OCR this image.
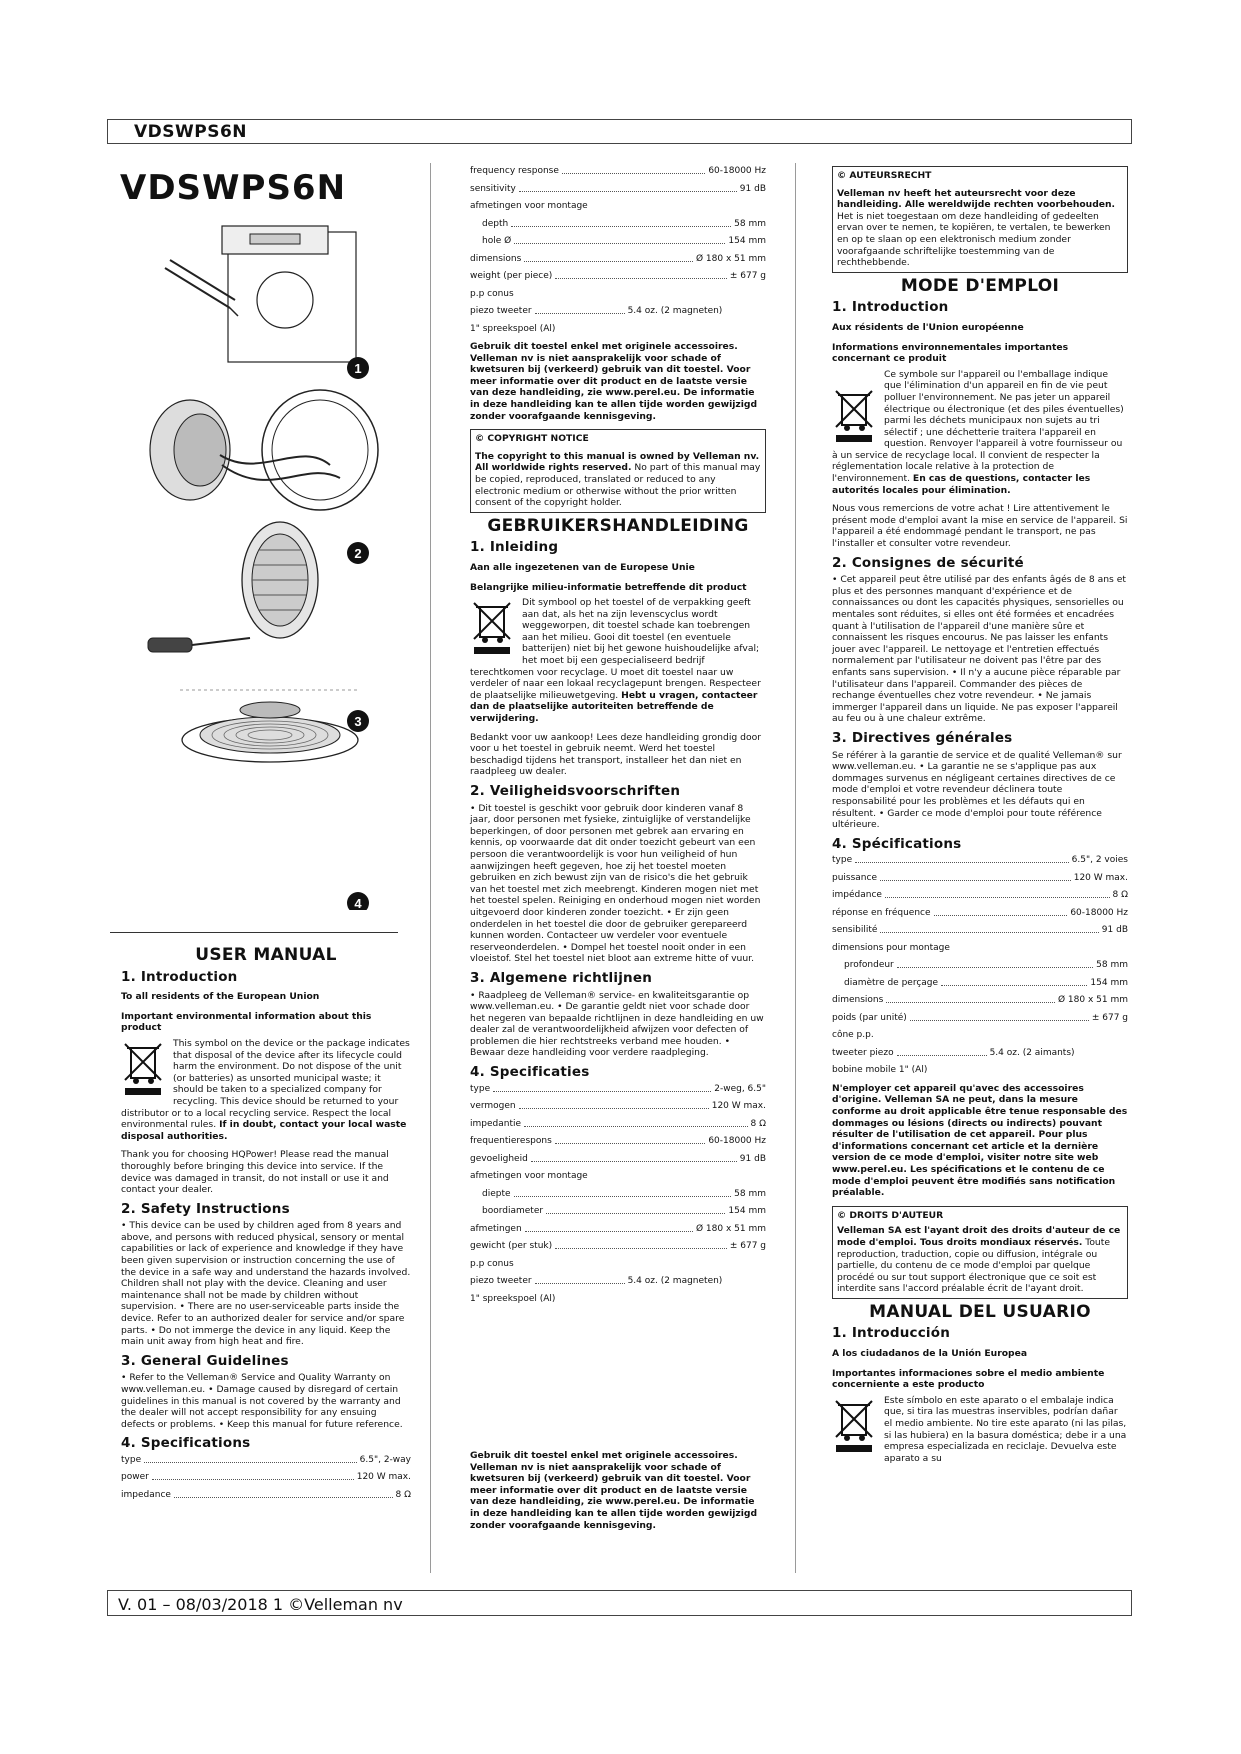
VDSWPS6N
VDSWPS6N
1
2
3
4
USER MANUAL
1. Introduction
To all residents of the European Union
Important environmental information about this product

This symbol on the device or the package indicates that disposal of the device after its lifecycle could harm the environment. Do not dispose of the unit (or batteries) as unsorted municipal waste; it should be taken to a specialized company for recycling. This device should be returned to your distributor or to a local recycling service. Respect the local environmental rules. If in doubt, contact your local waste disposal authorities.

Thank you for choosing HQPower! Please read the manual thoroughly before bringing this device into service. If the device was damaged in transit, do not install or use it and contact your dealer.

2. Safety Instructions

• This device can be used by children aged from 8 years and above, and persons with reduced physical, sensory or mental capabilities or lack of experience and knowledge if they have been given supervision or instruction concerning the use of the device in a safe way and understand the hazards involved. Children shall not play with the device. Cleaning and user maintenance shall not be made by children without supervision. • There are no user-serviceable parts inside the device. Refer to an authorized dealer for service and/or spare parts. • Do not immerge the device in any liquid. Keep the main unit away from high heat and fire.

3. General Guidelines

• Refer to the Velleman® Service and Quality Warranty on www.velleman.eu. • Damage caused by disregard of certain guidelines in this manual is not covered by the warranty and the dealer will not accept responsibility for any ensuing defects or problems. • Keep this manual for future reference.

4. Specifications
type	6.5", 2-way
power	120 W max.
impedance	8 Ω
frequency response	60-18000 Hz
sensitivity	91 dB
afmetingen voor montage
depth	58 mm
hole Ø	154 mm
dimensions	Ø 180 x 51 mm
weight (per piece)	± 677 g
p.p conus
piezo tweeter	5.4 oz. (2 magneten)
1" spreekspoel (Al)

Gebruik dit toestel enkel met originele accessoires. Velleman nv is niet aansprakelijk voor schade of kwetsuren bij (verkeerd) gebruik van dit toestel. Voor meer informatie over dit product en de laatste versie van deze handleiding, zie www.perel.eu. De informatie in deze handleiding kan te allen tijde worden gewijzigd zonder voorafgaande kennisgeving.

© COPYRIGHT NOTICE
The copyright to this manual is owned by Velleman nv. All worldwide rights reserved. No part of this manual may be copied, reproduced, translated or reduced to any electronic medium or otherwise without the prior written consent of the copyright holder.
GEBRUIKERSHANDLEIDING
1. Inleiding
Aan alle ingezetenen van de Europese Unie
Belangrijke milieu-informatie betreffende dit product

Dit symbool op het toestel of de verpakking geeft aan dat, als het na zijn levenscyclus wordt weggeworpen, dit toestel schade kan toebrengen aan het milieu. Gooi dit toestel (en eventuele batterijen) niet bij het gewone huishoudelijke afval; het moet bij een gespecialiseerd bedrijf terechtkomen voor recyclage. U moet dit toestel naar uw verdeler of naar een lokaal recyclagepunt brengen. Respecteer de plaatselijke milieuwetgeving. Hebt u vragen, contacteer dan de plaatselijke autoriteiten betreffende de verwijdering.

Bedankt voor uw aankoop! Lees deze handleiding grondig door voor u het toestel in gebruik neemt. Werd het toestel beschadigd tijdens het transport, installeer het dan niet en raadpleeg uw dealer.

2. Veiligheidsvoorschriften

• Dit toestel is geschikt voor gebruik door kinderen vanaf 8 jaar, door personen met fysieke, zintuiglijke of verstandelijke beperkingen, of door personen met gebrek aan ervaring en kennis, op voorwaarde dat dit onder toezicht gebeurt van een persoon die verantwoordelijk is voor hun veiligheid of hun aanwijzingen heeft gegeven, hoe zij het toestel moeten gebruiken en zich bewust zijn van de risico's die het gebruik van het toestel met zich meebrengt. Kinderen mogen niet met het toestel spelen. Reiniging en onderhoud mogen niet worden uitgevoerd door kinderen zonder toezicht. • Er zijn geen onderdelen in het toestel die door de gebruiker gerepareerd kunnen worden. Contacteer uw verdeler voor eventuele reserveonderdelen. • Dompel het toestel nooit onder in een vloeistof. Stel het toestel niet bloot aan extreme hitte of vuur.

3. Algemene richtlijnen

• Raadpleeg de Velleman® service- en kwaliteitsgarantie op www.velleman.eu. • De garantie geldt niet voor schade door het negeren van bepaalde richtlijnen in deze handleiding en uw dealer zal de verantwoordelijkheid afwijzen voor defecten of problemen die hier rechtstreeks verband mee houden. • Bewaar deze handleiding voor verdere raadpleging.

4. Specificaties
type	2-weg, 6.5"
vermogen	120 W max.
impedantie	8 Ω
frequentierespons	60-18000 Hz
gevoeligheid	91 dB
afmetingen voor montage
diepte	58 mm
boordiameter	154 mm
afmetingen	Ø 180 x 51 mm
gewicht (per stuk)	± 677 g
p.p conus
piezo tweeter	5.4 oz. (2 magneten)
1" spreekspoel (Al)
Gebruik dit toestel enkel met originele accessoires. Velleman nv is niet aansprakelijk voor schade of kwetsuren bij (verkeerd) gebruik van dit toestel. Voor meer informatie over dit product en de laatste versie van deze handleiding, zie www.perel.eu. De informatie in deze handleiding kan te allen tijde worden gewijzigd zonder voorafgaande kennisgeving.
© AUTEURSRECHT
Velleman nv heeft het auteursrecht voor deze handleiding. Alle wereldwijde rechten voorbehouden. Het is niet toegestaan om deze handleiding of gedeelten ervan over te nemen, te kopiëren, te vertalen, te bewerken en op te slaan op een elektronisch medium zonder voorafgaande schriftelijke toestemming van de rechthebbende.
MODE D'EMPLOI
1. Introduction
Aux résidents de l'Union européenne
Informations environnementales importantes concernant ce produit

Ce symbole sur l'appareil ou l'emballage indique que l'élimination d'un appareil en fin de vie peut polluer l'environnement. Ne pas jeter un appareil électrique ou électronique (et des piles éventuelles) parmi les déchets municipaux non sujets au tri sélectif ; une déchetterie traitera l'appareil en question. Renvoyer l'appareil à votre fournisseur ou à un service de recyclage local. Il convient de respecter la réglementation locale relative à la protection de l'environnement. En cas de questions, contacter les autorités locales pour élimination.

Nous vous remercions de votre achat ! Lire attentivement le présent mode d'emploi avant la mise en service de l'appareil. Si l'appareil a été endommagé pendant le transport, ne pas l'installer et consulter votre revendeur.

2. Consignes de sécurité

• Cet appareil peut être utilisé par des enfants âgés de 8 ans et plus et des personnes manquant d'expérience et de connaissances ou dont les capacités physiques, sensorielles ou mentales sont réduites, si elles ont été formées et encadrées quant à l'utilisation de l'appareil d'une manière sûre et connaissent les risques encourus. Ne pas laisser les enfants jouer avec l'appareil. Le nettoyage et l'entretien effectués normalement par l'utilisateur ne doivent pas l'être par des enfants sans supervision. • Il n'y a aucune pièce réparable par l'utilisateur dans l'appareil. Commander des pièces de rechange éventuelles chez votre revendeur. • Ne jamais immerger l'appareil dans un liquide. Ne pas exposer l'appareil au feu ou à une chaleur extrême.

3. Directives générales

Se référer à la garantie de service et de qualité Velleman® sur www.velleman.eu. • La garantie ne se s'applique pas aux dommages survenus en négligeant certaines directives de ce mode d'emploi et votre revendeur déclinera toute responsabilité pour les problèmes et les défauts qui en résultent. • Garder ce mode d'emploi pour toute référence ultérieure.

4. Spécifications
type	6.5", 2 voies
puissance	120 W max.
impédance	8 Ω
réponse en fréquence	60-18000 Hz
sensibilité	91 dB
dimensions pour montage
profondeur	58 mm
diamètre de perçage	154 mm
dimensions	Ø 180 x 51 mm
poids (par unité)	± 677 g
cône p.p.
tweeter piezo	5.4 oz. (2 aimants)
bobine mobile 1" (Al)

N'employer cet appareil qu'avec des accessoires d'origine. Velleman SA ne peut, dans la mesure conforme au droit applicable être tenue responsable des dommages ou lésions (directs ou indirects) pouvant résulter de l'utilisation de cet appareil. Pour plus d'informations concernant cet article et la dernière version de ce mode d'emploi, visiter notre site web www.perel.eu. Les spécifications et le contenu de ce mode d'emploi peuvent être modifiés sans notification préalable.

© DROITS D'AUTEUR
Velleman SA est l'ayant droit des droits d'auteur de ce mode d'emploi. Tous droits mondiaux réservés. Toute reproduction, traduction, copie ou diffusion, intégrale ou partielle, du contenu de ce mode d'emploi par quelque procédé ou sur tout support électronique que ce soit est interdite sans l'accord préalable écrit de l'ayant droit.
MANUAL DEL USUARIO
1. Introducción
A los ciudadanos de la Unión Europea
Importantes informaciones sobre el medio ambiente concerniente a este producto

Este símbolo en este aparato o el embalaje indica que, si tira las muestras inservibles, podrían dañar el medio ambiente. No tire este aparato (ni las pilas, si las hubiera) en la basura doméstica; debe ir a una empresa especializada en reciclaje. Devuelva este aparato a su

V. 01 – 08/03/2018 1 ©Velleman nv
